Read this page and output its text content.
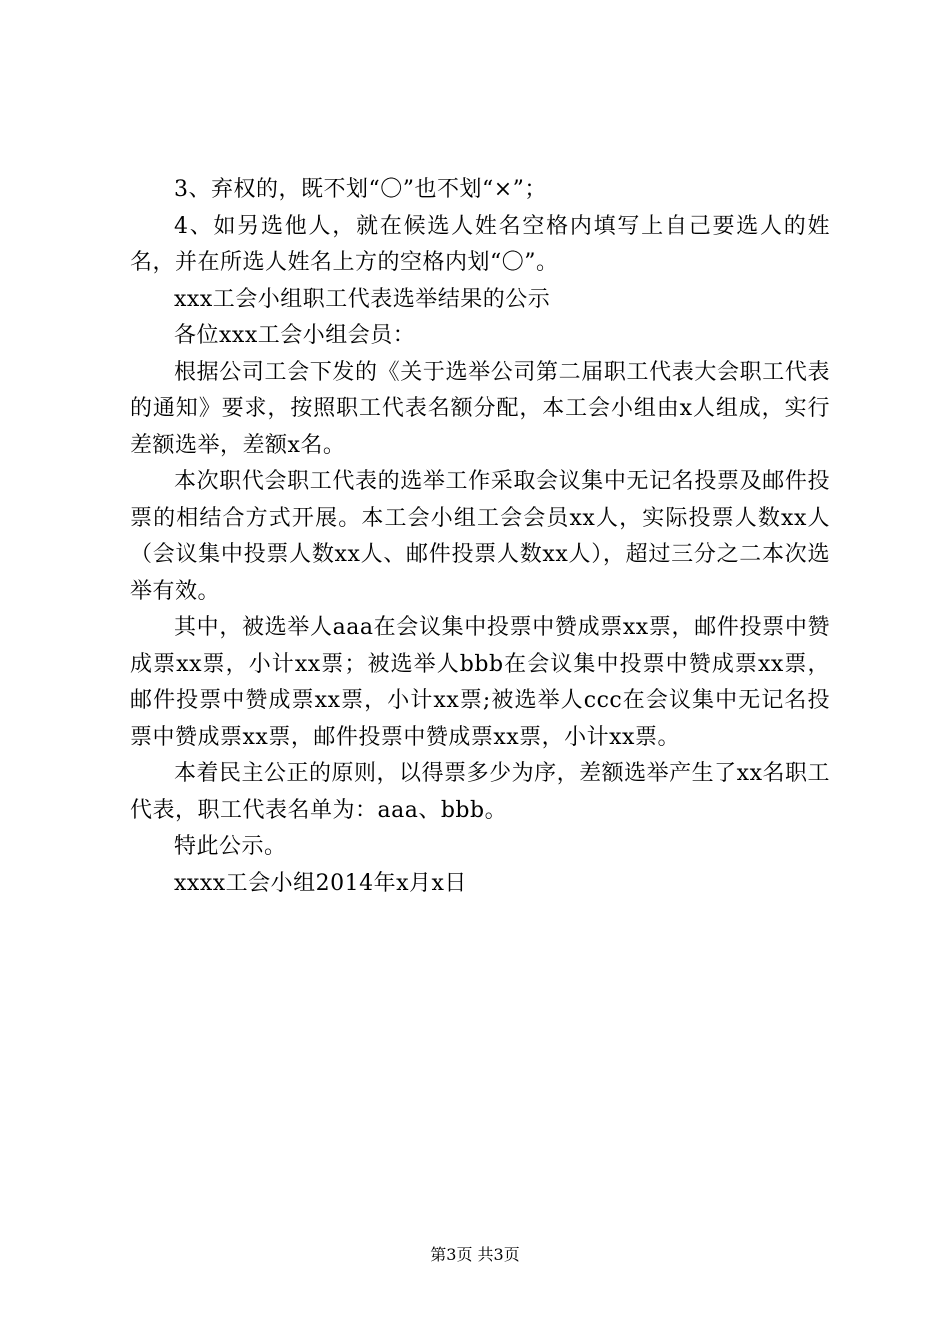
3、弃权的，既不划“〇”也不划“×”；

4、如另选他人，就在候选人姓名空格内填写上自己要选人的姓名，并在所选人姓名上方的空格内划“〇”。

xxx工会小组职工代表选举结果的公示

各位xxx工会小组会员：

根据公司工会下发的《关于选举公司第二届职工代表大会职工代表的通知》要求，按照职工代表名额分配，本工会小组由x人组成，实行差额选举，差额x名。

本次职代会职工代表的选举工作采取会议集中无记名投票及邮件投票的相结合方式开展。本工会小组工会会员xx人，实际投票人数xx人（会议集中投票人数xx人、邮件投票人数xx人），超过三分之二本次选举有效。

其中，被选举人aaa在会议集中投票中赞成票xx票，邮件投票中赞成票xx票，小计xx票；被选举人bbb在会议集中投票中赞成票xx票，邮件投票中赞成票xx票，小计xx票;被选举人ccc在会议集中无记名投票中赞成票xx票，邮件投票中赞成票xx票，小计xx票。

本着民主公正的原则，以得票多少为序，差额选举产生了xx名职工代表，职工代表名单为：aaa、bbb。

特此公示。

xxxx工会小组2014年x月x日

第3页 共3页
